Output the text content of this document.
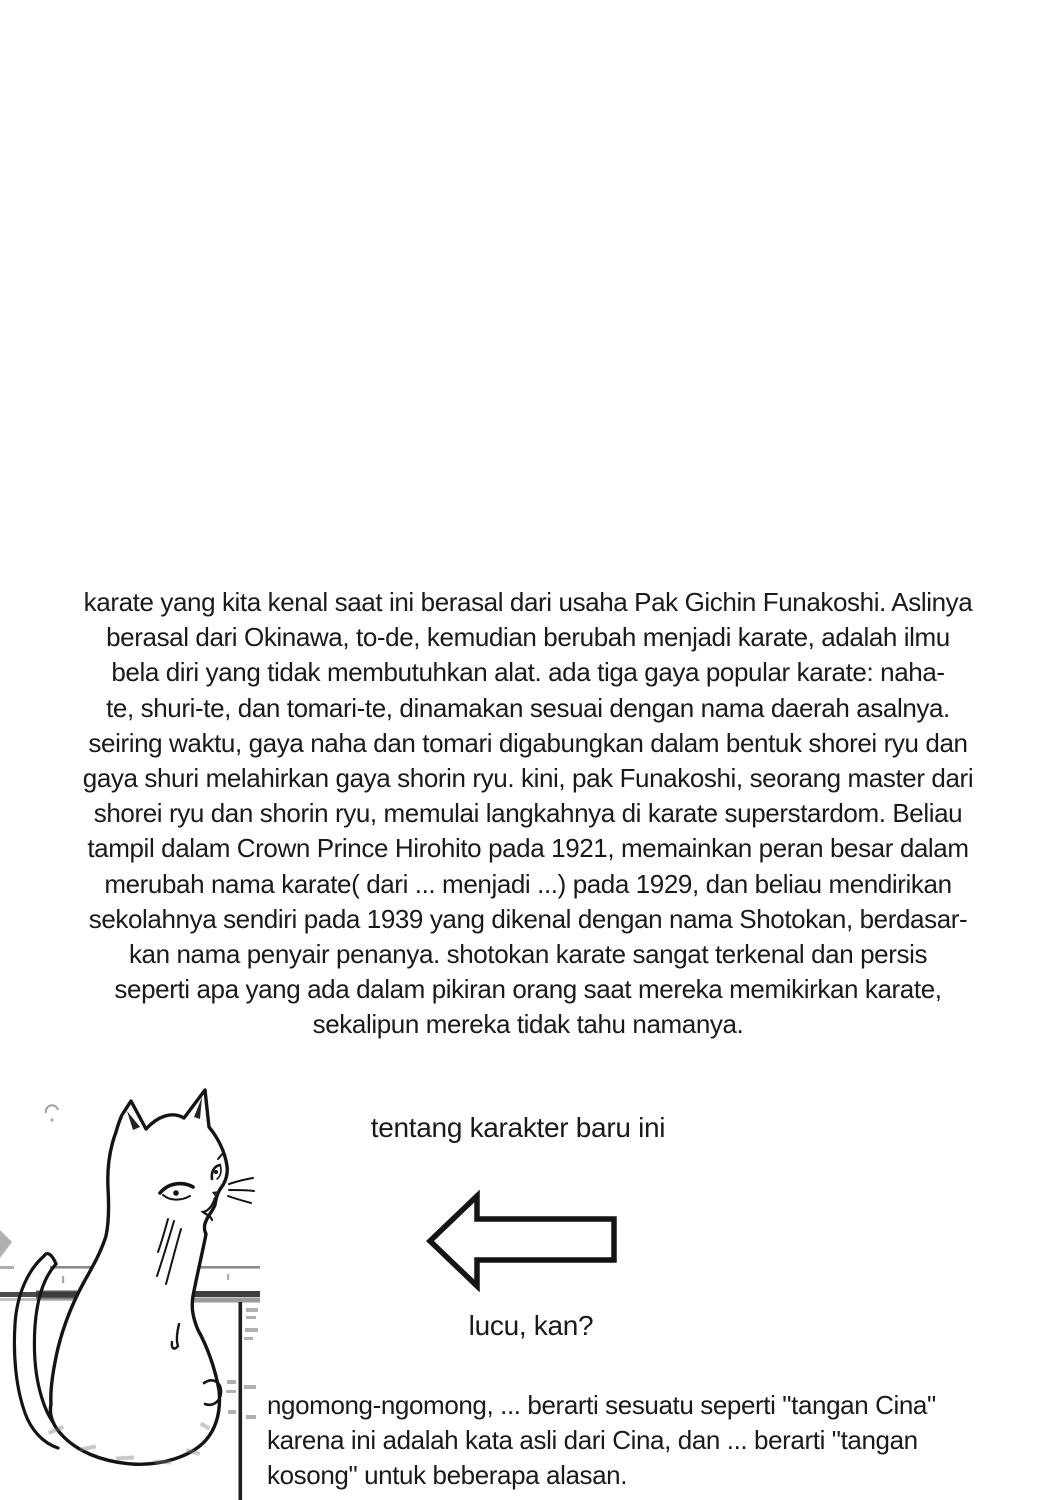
karate yang kita kenal saat ini berasal dari usaha Pak Gichin Funakoshi. Aslinya
berasal dari Okinawa, to-de, kemudian berubah menjadi karate, adalah ilmu
bela diri yang tidak membutuhkan alat. ada tiga gaya popular karate: naha-
te, shuri-te, dan tomari-te, dinamakan sesuai dengan nama daerah asalnya.
seiring waktu, gaya naha dan tomari digabungkan dalam bentuk shorei ryu dan
gaya shuri melahirkan gaya shorin ryu. kini, pak Funakoshi, seorang master dari
shorei ryu dan shorin ryu, memulai langkahnya di karate superstardom. Beliau
tampil dalam Crown Prince Hirohito pada 1921, memainkan peran besar dalam
merubah nama karate( dari ... menjadi ...) pada 1929, dan beliau mendirikan
sekolahnya sendiri pada 1939 yang dikenal dengan nama Shotokan, berdasar-
kan nama penyair penanya. shotokan karate sangat terkenal dan persis
seperti apa yang ada dalam pikiran orang saat mereka memikirkan karate,
sekalipun mereka tidak tahu namanya.
tentang karakter baru ini
lucu, kan?
ngomong-ngomong, ... berarti sesuatu seperti "tangan Cina"
karena ini adalah kata asli dari Cina, dan ... berarti "tangan
kosong" untuk beberapa alasan.
